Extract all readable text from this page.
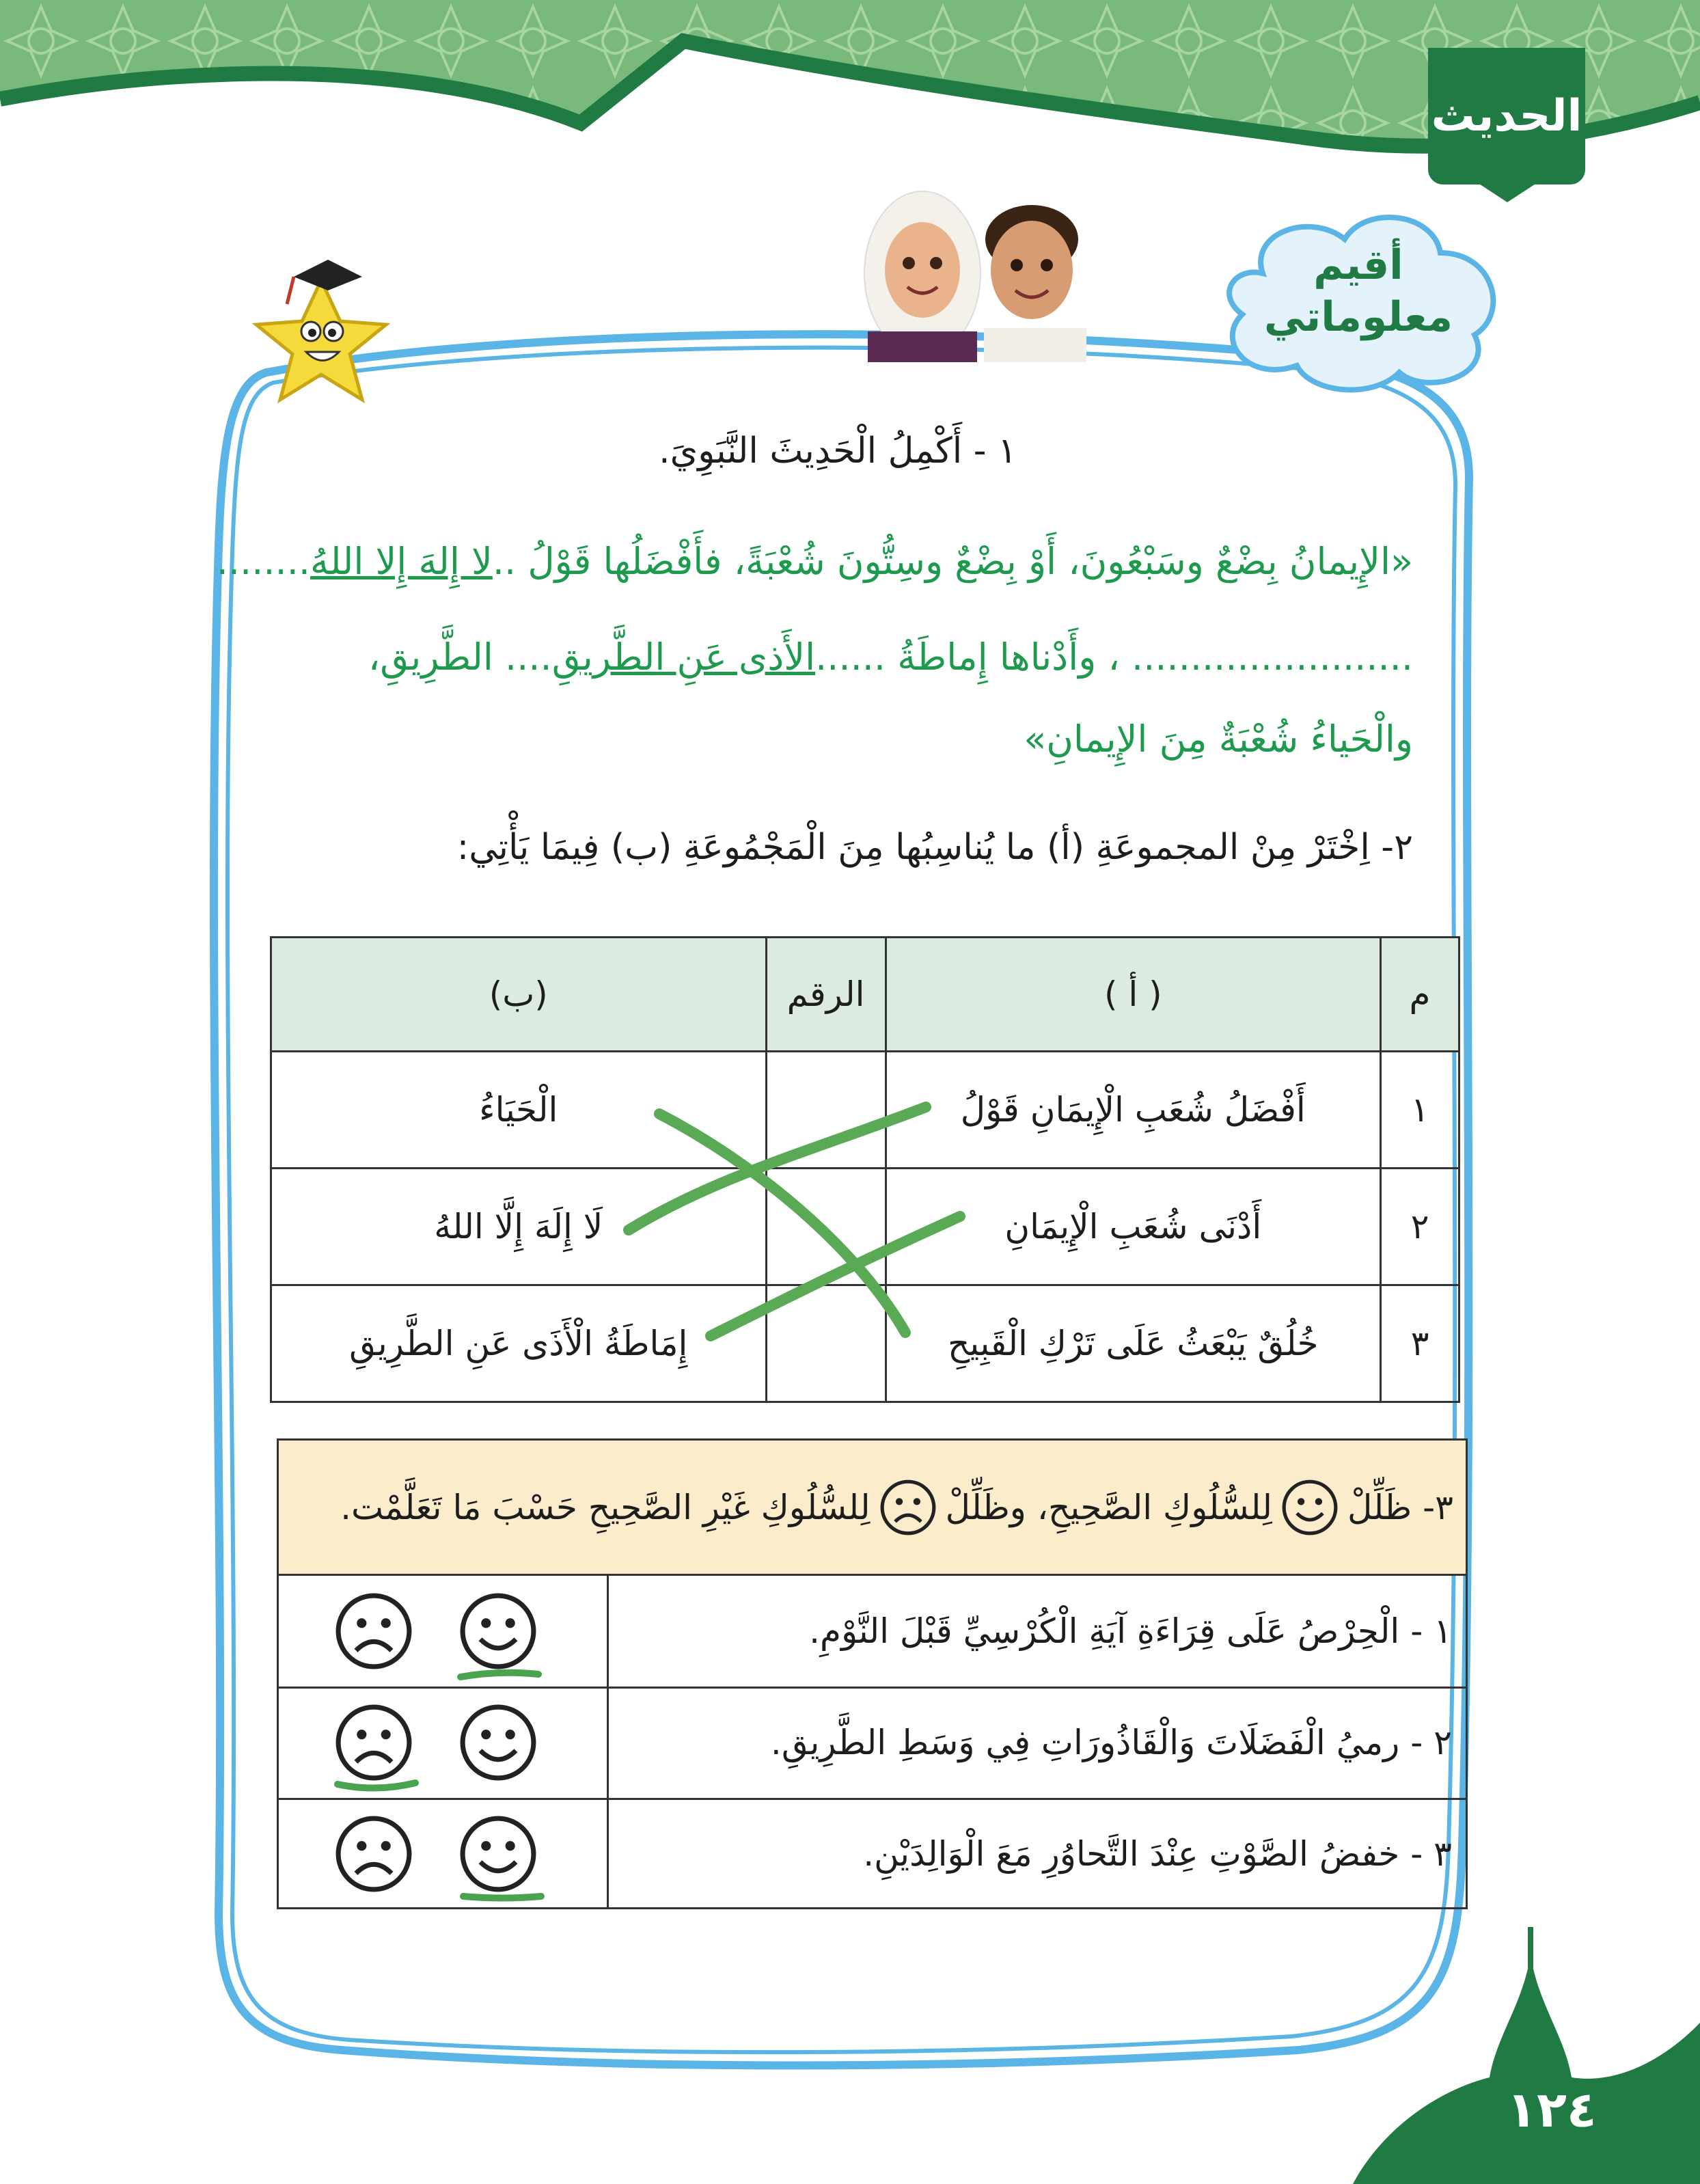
الحديث
أقيم
معلوماتي
١ - أَكْمِلُ الْحَدِيثَ النَّبَوِيَ.
«الإِيمانُ بِضْعٌ وسَبْعُونَ، أَوْ بِضْعٌ وسِتُّونَ شُعْبَةً، فأَفْضَلُها قَوْلُ ..لا إِلهَ إِلا اللهُ........
........................ ، وأَدْناها إِماطَةُ ......الأَذى عَنِ الطَّريقِ.... الطَّرِيقِ،
والْحَياءُ شُعْبَةٌ مِنَ الإِيمانِ»
٢- اِخْتَرْ مِنْ المجموعَةِ (أ) ما يُناسِبُها مِنَ الْمَجْمُوعَةِ (ب) فِيمَا يَأْتِي:
م	( أ )	الرقم	(ب)
١	أَفْضَلُ شُعَبِ الْإِيمَانِ قَوْلُ		الْحَيَاءُ
٢	أَدْنَى شُعَبِ الْإِيمَانِ		لَا إِلَهَ إِلَّا اللهُ
٣	خُلُقٌ يَبْعَثُ عَلَى تَرْكِ الْقَبِيحِ		إِمَاطَةُ الْأَذَى عَنِ الطَّرِيقِ
٣- ظَلِّلْ
لِلسُّلُوكِ الصَّحِيحِ، وظَلِّلْ
لِلسُّلُوكِ غَيْرِ الصَّحِيحِ حَسْبَ مَا تَعَلَّمْت.
١ - الْحِرْصُ عَلَى قِرَاءَةِ آيَةِ الْكُرْسِيِّ قَبْلَ النَّوْمِ.
٢ - رميُ الْفَضَلَاتَ وَالْقَاذُورَاتِ فِي وَسَطِ الطَّرِيقِ.
٣ - خفضُ الصَّوْتِ عِنْدَ التَّحاوُرِ مَعَ الْوَالِدَيْنِ.
١٢٤
